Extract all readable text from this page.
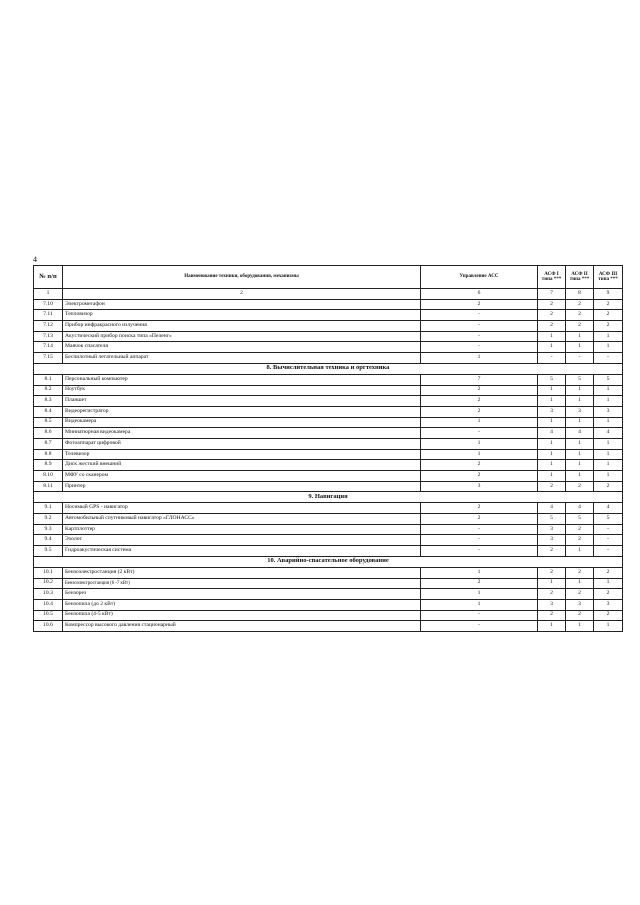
4
№ п/п	Наименование техники, оборудования, механизмы	Управление АСС	АСФ I типа ***	АСФ II типа ***	АСФ III типа ***
1	2	6	7	8	9
7.10	Электромегафон	2	2	2	2
7.11	Тепловизор	-	2	2	2
7.12	Прибор инфракрасного излучения	-	2	2	2
7.13	Акустический прибор поиска типа «Пеленг»	-	1	1	1
7.14	Маячок спасателя	-	1	1	1
7.15	Беспилотный летательный аппарат	1	-	-	-
8. Вычислительная техника и оргтехника					
8.1	Персональный компьютер	7	5	5	5
8.2	Ноутбук	2	1	1	1
8.3	Планшет	2	1	1	1
8.4	Видеорегистратор	2	3	3	3
8.5	Видеокамера	1	1	1	1
8.6	Миниатюрная видеокамера	-	4	4	4
8.7	Фотоаппарат цифровой	1	1	1	1
8.8	Телевизор	1	1	1	1
8.9	Диск жесткий внешний	2	1	1	1
8.10	МФУ со сканером	2	1	1	1
8.11	Принтер	3	2	2	2
9. Навигация					
9.1	Носимый GPS - навигатор	2	4	4	4
9.2	Автомобильный спутниковый навигатор «ГЛОНАСС»	2	5	5	5
9.3	Картплоттер	-	3	2	-
9.4	Эхолот	-	3	2	-
9.5	Гидроакустическая система	-	2	1	-
10. Аварийно-спасательное оборудование					
10.1	Бензоэлектростанция (2 кВт)	1	2	2	2
10.2	Бензоэлектростанция (6 -7 кВт)	2	1	1	1
10.3	Бензорез	1	2	2	2
10.4	Бензопила (до 2 кВт)	1	3	3	3
10.5	Бензопила (4-5 кВт)	-	2	2	2
10.6	Компрессор высокого давления стационарный	-	1	1	1
